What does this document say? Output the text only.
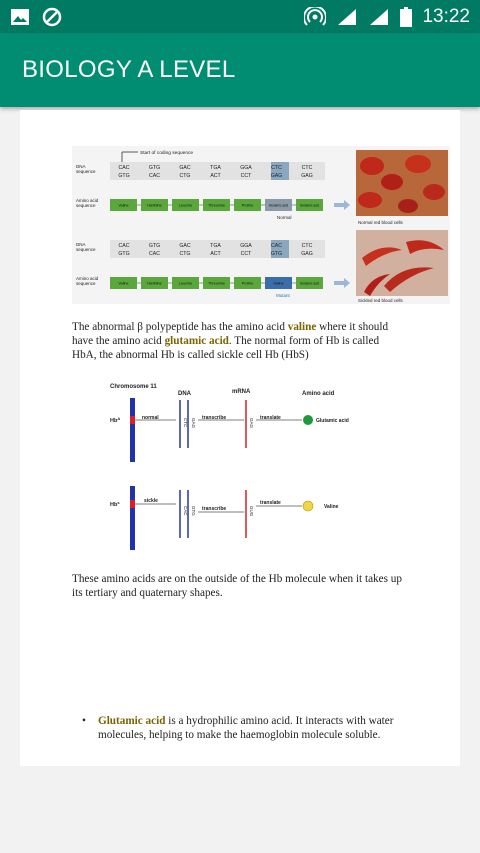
13:22
BIOLOGY A LEVEL
Start of coding sequence
DNA
sequence
CAC	GTG	GAC	TGA	GGA	CTC	CTC
GTG	CAC	CTG	ACT	CCT	GAG	GAG
Amino acid
sequence	Valine	Histidine	Leucine	Threonine	Proline	Glutamic acid	Glutamic acid
Normal
Normal red blood cells
DNA
sequence
CAC	GTG	GAC	TGA	GGA	CAC	CTC
GTG	CAC	CTG	ACT	CCT	GTG	GAG
Amino acid
sequence	Valine	Histidine	Leucine	Threonine	Proline	Valine	Glutamic acid
Mutant
Sickled red blood cells

The abnormal β polypeptide has the amino acid valine where it should have the amino acid glutamic acid. The normal form of Hb is called HbA, the abnormal Hb is called sickle cell Hb (HbS)

Chromosome 11
DNA	mRNA	Amino acid
$Hb^A$	normal	CTC GAG transcribe	GAG translate	Glutamic acid
Hb$^s$	sickle
CAC GTG transcribe	GUG
translate
Valine

These amino acids are on the outside of the Hb molecule when it takes up its tertiary and quaternary shapes.

• Glutamic acid is a hydrophilic amino acid. It interacts with water molecules, helping to make the haemoglobin molecule soluble.
